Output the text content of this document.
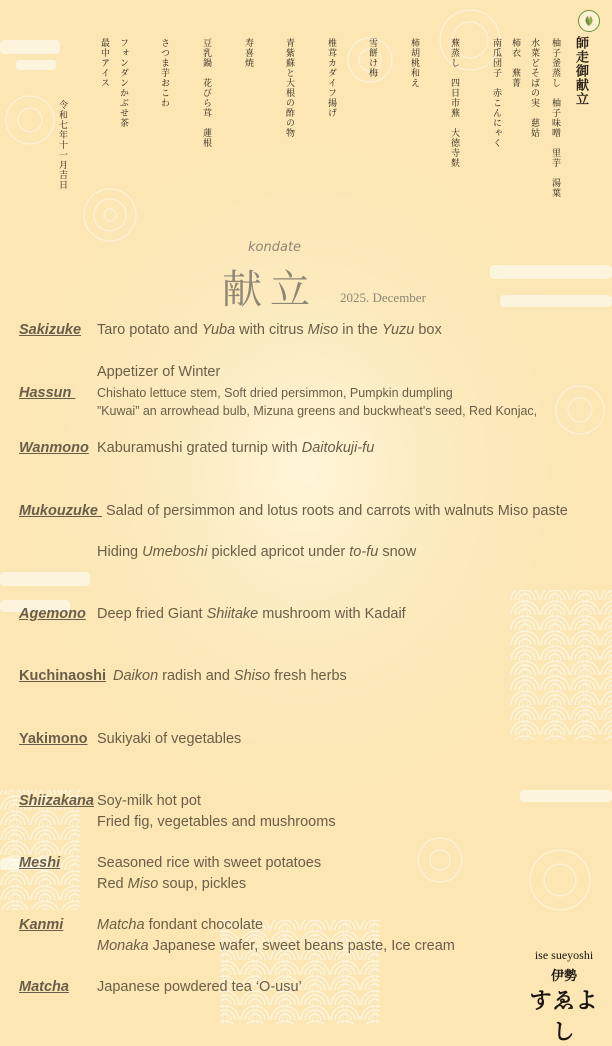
師走御献立
柚子釜蒸し　柚子味噌　里芋　湯葉
水菜どそばの実　慈姑
柿衣　蕪菁
南瓜団子　赤こんにゃく
蕪蒸し　四日市蕪　大徳寺麩
柿胡桃和え
雪餅け梅
椎茸カダイフ揚げ
青紫蘇と大根の酢の物
寿喜焼
豆乳鍋　花びら茸　蓮根
さつま芋おこわ
フォンダンかぶせ茶
最中アイス
令和七年十一月吉日
kondate
献立 2025. December
Sakizuke Taro potato and Yuba with citrus Miso in the Yuzu box
Hassun
Appetizer of Winter
Chishato lettuce stem, Soft dried persimmon, Pumpkin dumpling
”Kuwai” an arrowhead bulb, Mizuna greens and buckwheat's seed, Red Konjac,
Wanmono Kaburamushi grated turnip with Daitokuji-fu
Mukouzuke Salad of persimmon and lotus roots and carrots with walnuts Miso paste
Hiding Umeboshi pickled apricot under to-fu snow
Agemono Deep fried Giant Shiitake mushroom with Kadaif
Kuchinaoshi Daikon radish and Shiso fresh herbs
Yakimono Sukiyaki of vegetables
Shiizakana Soy-milk hot pot
Fried fig, vegetables and mushrooms
Meshi	Seasoned rice with sweet potatoes
Red Miso soup, pickles
Kanmi Matcha fondant chocolate
Monaka Japanese wafer, sweet beans paste, Ice cream
Matcha Japanese powdered tea ‘O-usu’
ise sueyoshi
伊勢
すゑよし
